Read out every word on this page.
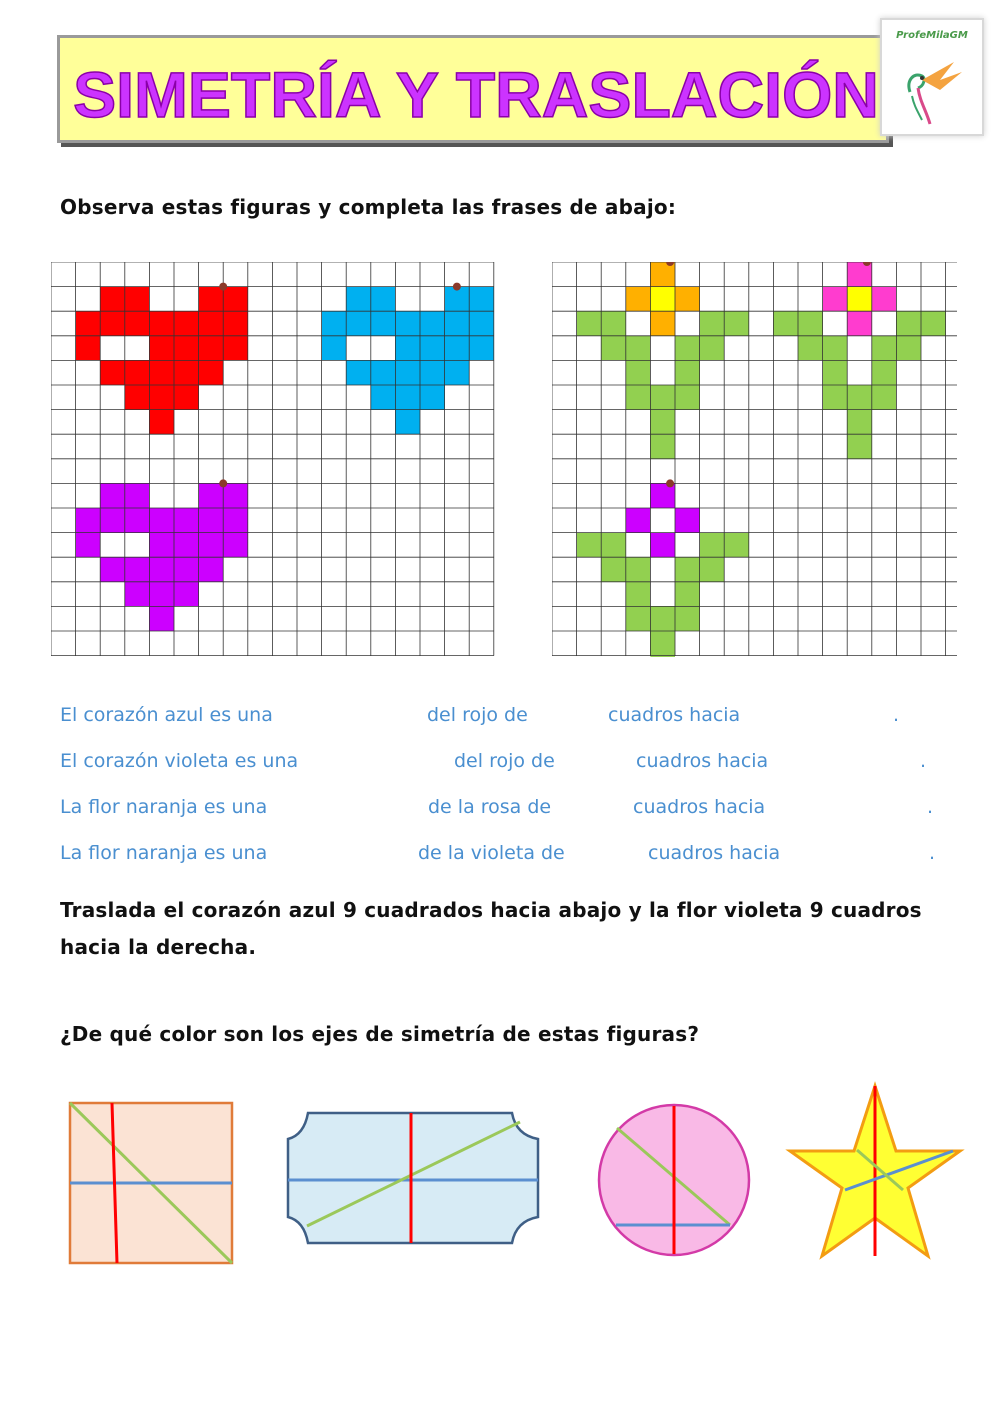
SIMETRÍA Y TRASLACIÓN
ProfeMilaGM
Observa estas figuras y completa las frases de abajo:
El corazón azul es una	del rojo de	cuadros hacia	.
El corazón violeta es una	del rojo de	cuadros hacia	.
La flor naranja es una	de la rosa de	cuadros hacia	.
La flor naranja es una	de la violeta de	cuadros hacia	.
Traslada el corazón azul 9 cuadrados hacia abajo y la flor violeta 9 cuadros
hacia la derecha.
¿De qué color son los ejes de simetría de estas figuras?
